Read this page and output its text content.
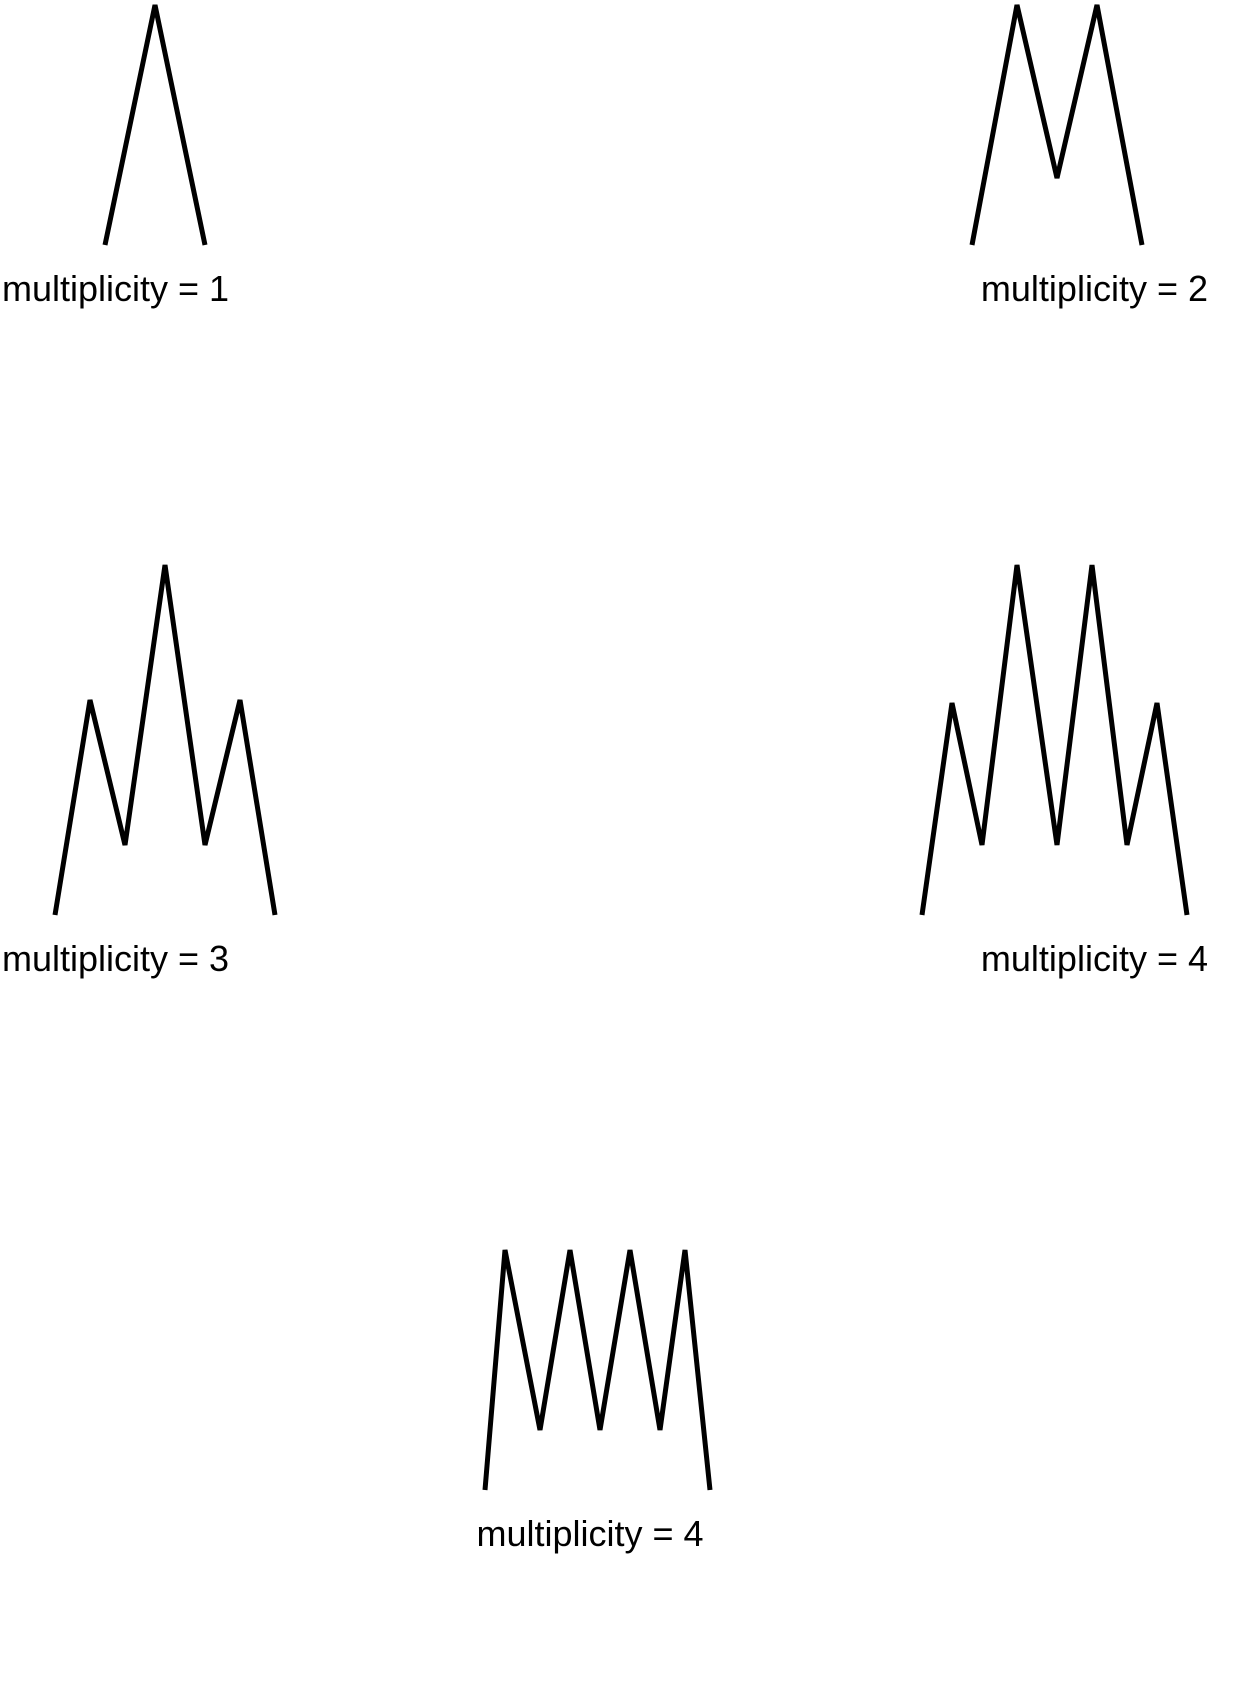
multiplicity = 1	multiplicity = 2
multiplicity = 3	multiplicity = 4
multiplicity = 4
